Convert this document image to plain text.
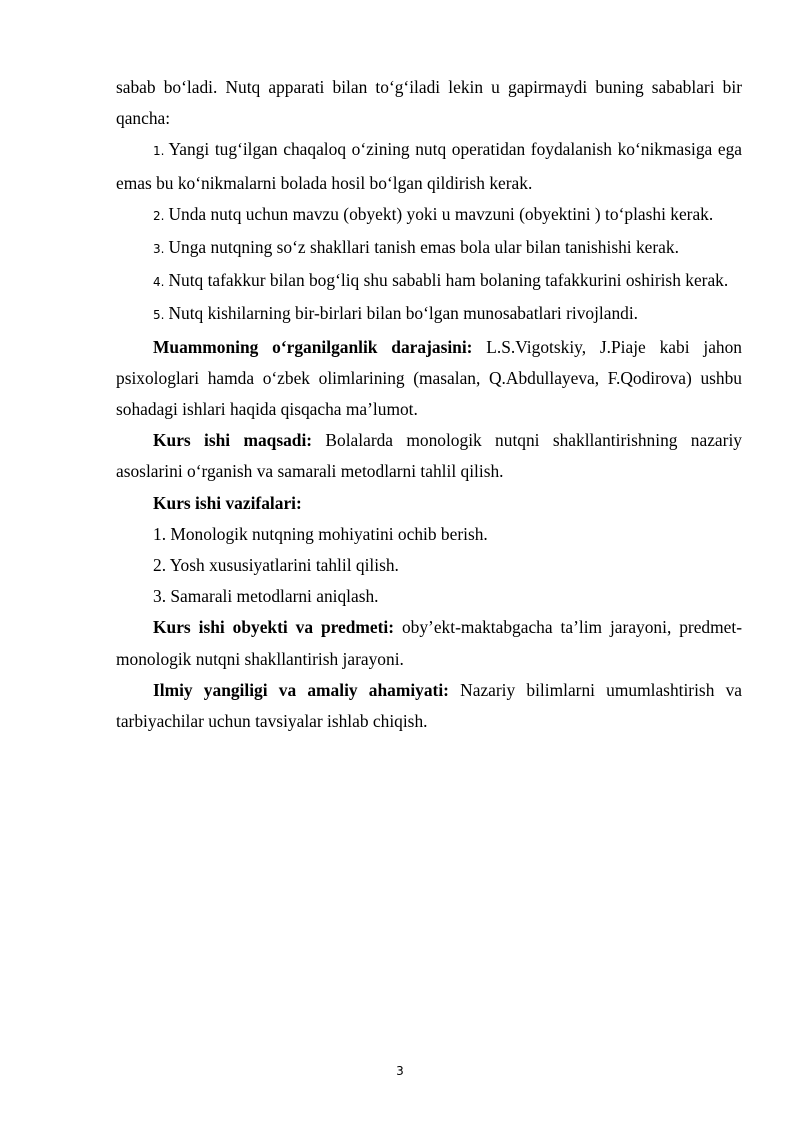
sabab boʻladi. Nutq apparati bilan toʻgʻiladi lekin u gapirmaydi buning sabablari bir qancha:

1. Yangi tugʻilgan chaqaloq oʻzining nutq operatidan foydalanish koʻnikmasiga ega emas bu koʻnikmalarni bolada hosil boʻlgan qildirish kerak.

2. Unda nutq uchun mavzu (obyekt) yoki u mavzuni (obyektini ) toʻplashi kerak.

3. Unga nutqning soʻz shakllari tanish emas bola ular bilan tanishishi kerak.

4. Nutq tafakkur bilan bogʻliq shu sababli ham bolaning tafakkurini oshirish kerak.

5. Nutq kishilarning bir-birlari bilan boʻlgan munosabatlari rivojlandi.

Muammoning oʻrganilganlik darajasini: L.S.Vigotskiy, J.Piaje kabi jahon psixologlari hamda oʻzbek olimlarining (masalan, Q.Abdullayeva, F.Qodirova) ushbu sohadagi ishlari haqida qisqacha maʼlumot.

Kurs ishi maqsadi: Bolalarda monologik nutqni shakllantirishning nazariy asoslarini oʻrganish va samarali metodlarni tahlil qilish.

Kurs ishi vazifalari:

1. Monologik nutqning mohiyatini ochib berish.

2. Yosh xususiyatlarini tahlil qilish.

3. Samarali metodlarni aniqlash.

Kurs ishi obyekti va predmeti: oby’ekt-maktabgacha ta’lim jarayoni, predmet-monologik nutqni shakllantirish jarayoni.

Ilmiy yangiligi va amaliy ahamiyati: Nazariy bilimlarni umumlashtirish va tarbiyachilar uchun tavsiyalar ishlab chiqish.

3
